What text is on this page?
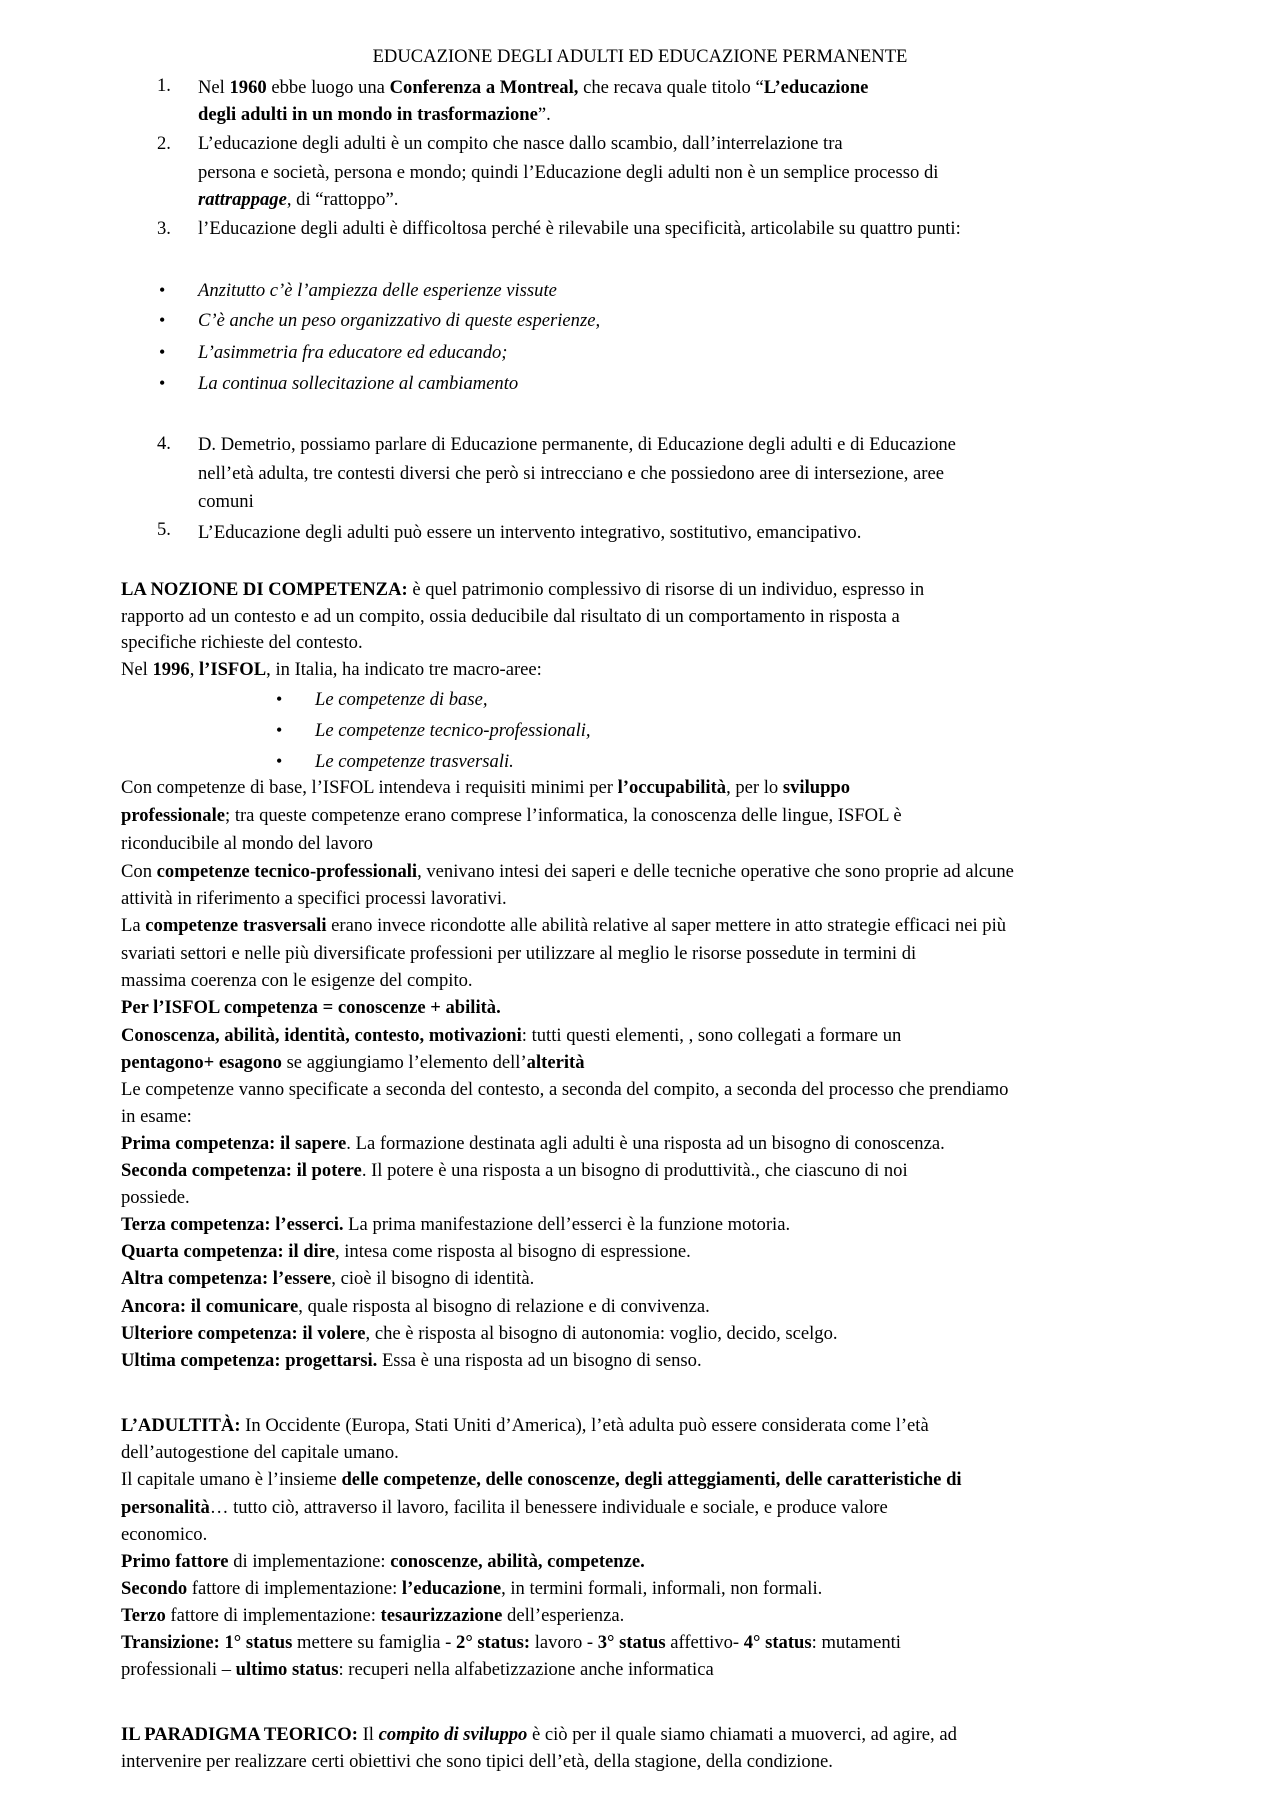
EDUCAZIONE DEGLI ADULTI ED EDUCAZIONE PERMANENTE
1. Nel 1960 ebbe luogo una Conferenza a Montreal, che recava quale titolo “L’educazione
degli adulti in un mondo in trasformazione”.
2. L’educazione degli adulti è un compito che nasce dallo scambio, dall’interrelazione tra
persona e società, persona e mondo; quindi l’Educazione degli adulti non è un semplice processo di
rattrappage, di “rattoppo”.
3. l’Educazione degli adulti è difficoltosa perché è rilevabile una specificità, articolabile su quattro punti:
• Anzitutto c’è l’ampiezza delle esperienze vissute
• C’è anche un peso organizzativo di queste esperienze,
• L’asimmetria fra educatore ed educando;
• La continua sollecitazione al cambiamento
4. D. Demetrio, possiamo parlare di Educazione permanente, di Educazione degli adulti e di Educazione
nell’età adulta, tre contesti diversi che però si intrecciano e che possiedono aree di intersezione, aree
comuni
5. L’Educazione degli adulti può essere un intervento integrativo, sostitutivo, emancipativo.
LA NOZIONE DI COMPETENZA: è quel patrimonio complessivo di risorse di un individuo, espresso in
rapporto ad un contesto e ad un compito, ossia deducibile dal risultato di un comportamento in risposta a
specifiche richieste del contesto.
Nel 1996, l’ISFOL, in Italia, ha indicato tre macro-aree:
• Le competenze di base,
• Le competenze tecnico-professionali,
• Le competenze trasversali.
Con competenze di base, l’ISFOL intendeva i requisiti minimi per l’occupabilità, per lo sviluppo
professionale; tra queste competenze erano comprese l’informatica, la conoscenza delle lingue, ISFOL è
riconducibile al mondo del lavoro
Con competenze tecnico-professionali, venivano intesi dei saperi e delle tecniche operative che sono proprie ad alcune
attività in riferimento a specifici processi lavorativi.
La competenze trasversali erano invece ricondotte alle abilità relative al saper mettere in atto strategie efficaci nei più
svariati settori e nelle più diversificate professioni per utilizzare al meglio le risorse possedute in termini di
massima coerenza con le esigenze del compito.
Per l’ISFOL competenza = conoscenze + abilità.
Conoscenza, abilità, identità, contesto, motivazioni: tutti questi elementi, , sono collegati a formare un
pentagono+ esagono se aggiungiamo l’elemento dell’alterità
Le competenze vanno specificate a seconda del contesto, a seconda del compito, a seconda del processo che prendiamo
in esame:
Prima competenza: il sapere. La formazione destinata agli adulti è una risposta ad un bisogno di conoscenza.
Seconda competenza: il potere. Il potere è una risposta a un bisogno di produttività., che ciascuno di noi
possiede.
Terza competenza: l’esserci. La prima manifestazione dell’esserci è la funzione motoria.
Quarta competenza: il dire, intesa come risposta al bisogno di espressione.
Altra competenza: l’essere, cioè il bisogno di identità.
Ancora: il comunicare, quale risposta al bisogno di relazione e di convivenza.
Ulteriore competenza: il volere, che è risposta al bisogno di autonomia: voglio, decido, scelgo.
Ultima competenza: progettarsi. Essa è una risposta ad un bisogno di senso.
L’ADULTITÀ: In Occidente (Europa, Stati Uniti d’America), l’età adulta può essere considerata come l’età
dell’autogestione del capitale umano.
Il capitale umano è l’insieme delle competenze, delle conoscenze, degli atteggiamenti, delle caratteristiche di
personalità… tutto ciò, attraverso il lavoro, facilita il benessere individuale e sociale, e produce valore
economico.
Primo fattore di implementazione: conoscenze, abilità, competenze.
Secondo fattore di implementazione: l’educazione, in termini formali, informali, non formali.
Terzo fattore di implementazione: tesaurizzazione dell’esperienza.
Transizione: 1° status mettere su famiglia - 2° status: lavoro - 3° status affettivo- 4° status: mutamenti
professionali – ultimo status: recuperi nella alfabetizzazione anche informatica
IL PARADIGMA TEORICO: Il compito di sviluppo è ciò per il quale siamo chiamati a muoverci, ad agire, ad
intervenire per realizzare certi obiettivi che sono tipici dell’età, della stagione, della condizione.
